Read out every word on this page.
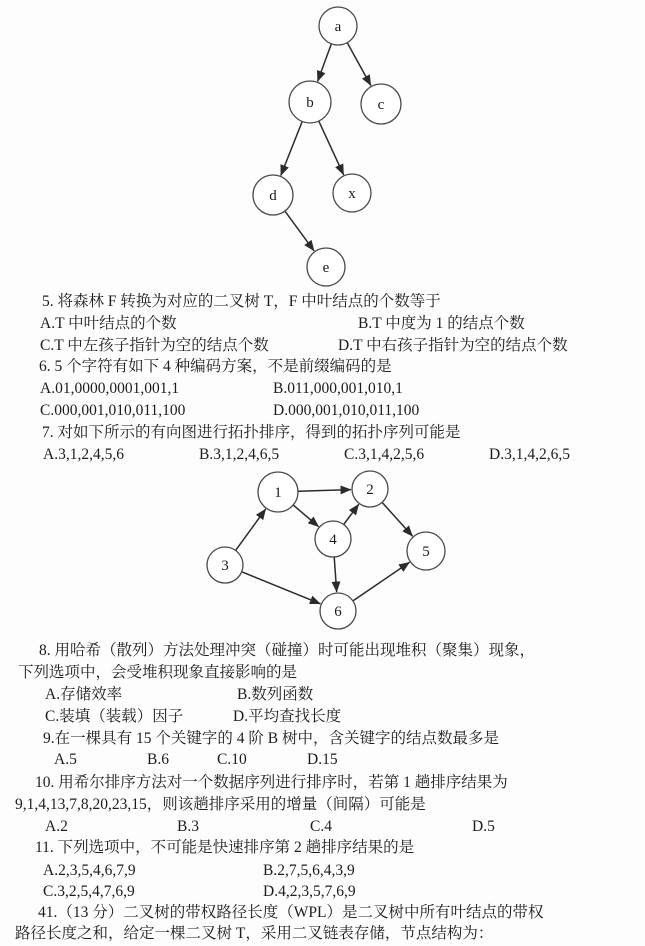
a
b	c
d	x
e
1	2
3
4
5
6
5. 将森林 F 转换为对应的二叉树 T，F 中叶结点的个数等于
A.T 中叶结点的个数	B.T 中度为 1 的结点个数
C.T 中左孩子指针为空的结点个数	D.T 中右孩子指针为空的结点个数
6. 5 个字符有如下 4 种编码方案，不是前缀编码的是
A.01,0000,0001,001,1	B.011,000,001,010,1
C.000,001,010,011,100	D.000,001,010,011,100
7. 对如下所示的有向图进行拓扑排序，得到的拓扑序列可能是
A.3,1,2,4,5,6	B.3,1,2,4,6,5	C.3,1,4,2,5,6	D.3,1,4,2,6,5
8. 用哈希（散列）方法处理冲突（碰撞）时可能出现堆积（聚集）现象，
下列选项中，会受堆积现象直接影响的是
A.存储效率	B.数列函数
C.装填（装载）因子	D.平均查找长度
9.在一棵具有 15 个关键字的 4 阶 B 树中，含关键字的结点数最多是
A.5	B.6	C.10	D.15
10. 用希尔排序方法对一个数据序列进行排序时，若第 1 趟排序结果为
9,1,4,13,7,8,20,23,15，则该趟排序采用的增量（间隔）可能是
A.2	B.3	C.4	D.5
11. 下列选项中，不可能是快速排序第 2 趟排序结果的是
A.2,3,5,4,6,7,9	B.2,7,5,6,4,3,9
C.3,2,5,4,7,6,9	D.4,2,3,5,7,6,9
41.（13 分）二叉树的带权路径长度（WPL）是二叉树中所有叶结点的带权
路径长度之和，给定一棵二叉树 T，采用二叉链表存储，节点结构为：
